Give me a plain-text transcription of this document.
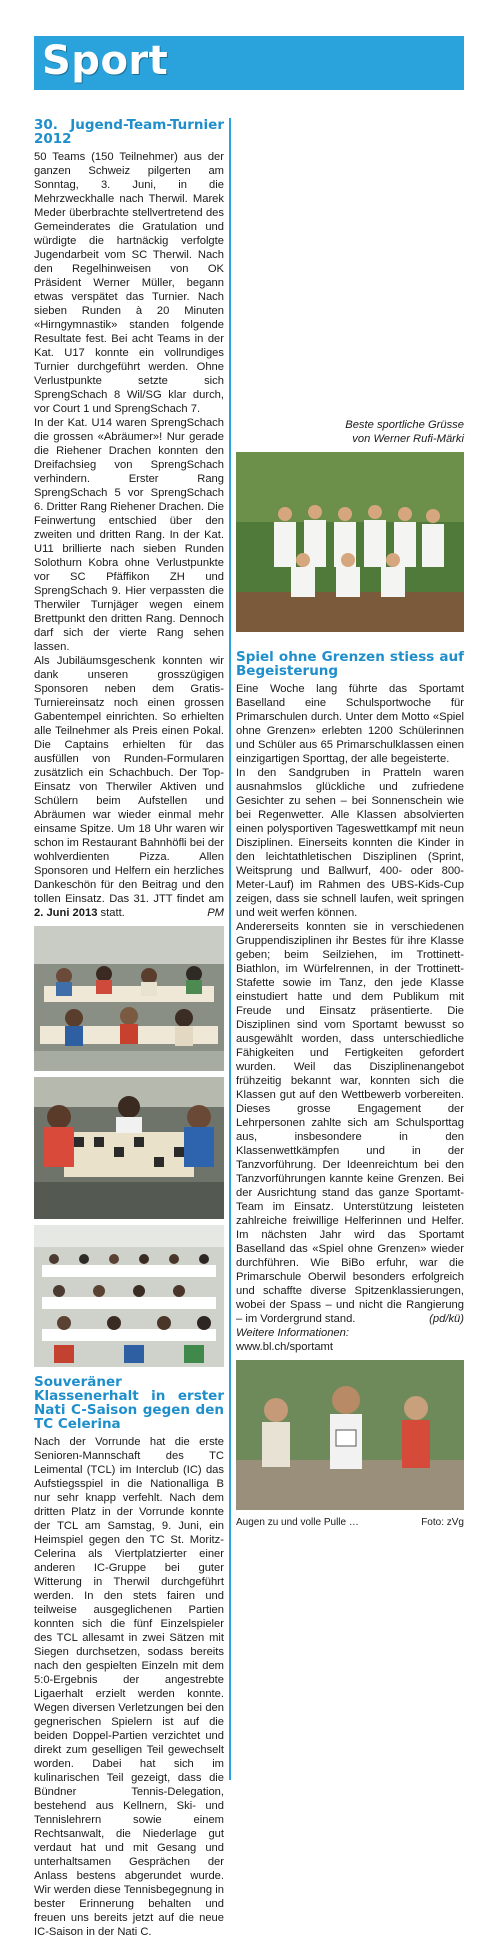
Sport
30. Jugend-Team-Turnier 2012

50 Teams (150 Teilnehmer) aus der ganzen Schweiz pilgerten am Sonntag, 3. Juni, in die Mehrzweckhalle nach Therwil. Marek Meder überbrachte stellvertretend des Gemeinderates die Gratulation und würdigte die hartnäckig verfolgte Jugendarbeit vom SC Therwil. Nach den Regelhinweisen von OK Präsident Werner Müller, begann etwas verspätet das Turnier. Nach sieben Runden à 20 Minuten «Hirngymnastik» standen folgende Resultate fest. Bei acht Teams in der Kat. U17 konnte ein vollrundiges Turnier durchgeführt werden. Ohne Verlustpunkte setzte sich SprengSchach 8 Wil/SG klar durch, vor Court 1 und SprengSchach 7.

In der Kat. U14 waren SprengSchach die grossen «Abräumer»! Nur gerade die Riehener Drachen konnten den Dreifachsieg von SprengSchach verhindern. Erster Rang SprengSchach 5 vor SprengSchach 6. Dritter Rang Riehener Drachen. Die Feinwertung entschied über den zweiten und dritten Rang. In der Kat. U11 brillierte nach sieben Runden Solothurn Kobra ohne Verlustpunkte vor SC Pfäffikon ZH und SprengSchach 9. Hier verpassten die Therwiler Turnjäger wegen einem Brettpunkt den dritten Rang. Dennoch darf sich der vierte Rang sehen lassen.

Als Jubiläumsgeschenk konnten wir dank unseren grosszügigen Sponsoren neben dem Gratis-Turniereinsatz noch einen grossen Gabentempel einrichten. So erhielten alle Teilnehmer als Preis einen Pokal. Die Captains erhielten für das ausfüllen von Runden-Formularen zusätzlich ein Schachbuch. Der Top-Einsatz von Therwiler Aktiven und Schülern beim Aufstellen und Abräumen war wieder einmal mehr einsame Spitze. Um 18 Uhr waren wir schon im Restaurant Bahnhöfli bei der wohlverdienten Pizza. Allen Sponsoren und Helfern ein herzliches Dankeschön für den Beitrag und den tollen Einsatz. Das 31. JTT findet am 2. Juni 2013 statt.	PM

Souveräner Klassenerhalt in erster Nati C-Saison gegen den TC Celerina

Nach der Vorrunde hat die erste Senioren-Mannschaft des TC Leimental (TCL) im Interclub (IC) das Aufstiegsspiel in die Nationalliga B nur sehr knapp verfehlt. Nach dem dritten Platz in der Vorrunde konnte der TCL am Samstag, 9. Juni, ein Heimspiel gegen den TC St. Moritz-Celerina als Viertplatzierter einer anderen IC-Gruppe bei guter Witterung in Therwil durchgeführt werden. In den stets fairen und teilweise ausgeglichenen Partien konnten sich die fünf Einzelspieler des TCL allesamt in zwei Sätzen mit Siegen durchsetzen, sodass bereits nach den gespielten Einzeln mit dem 5:0-Ergebnis der angestrebte Ligaerhalt erzielt werden konnte. Wegen diversen Verletzungen bei den gegnerischen Spielern ist auf die beiden Doppel-Partien verzichtet und direkt zum geselligen Teil gewechselt worden. Dabei hat sich im kulinarischen Teil gezeigt, dass die Bündner Tennis-Delegation, bestehend aus Kellnern, Ski- und Tennislehrern sowie einem Rechtsanwalt, die Niederlage gut verdaut hat und mit Gesang und unterhaltsamen Gesprächen der Anlass bestens abgerundet wurde. Wir werden diese Tennisbegegnung in bester Erinnerung behalten und freuen uns bereits jetzt auf die neue IC-Saison in der Nati C.

Beste sportliche Grüsse

von Werner Rufi-Märki

Spiel ohne Grenzen stiess auf Begeisterung

Eine Woche lang führte das Sportamt Baselland eine Schulsportwoche für Primarschulen durch. Unter dem Motto «Spiel ohne Grenzen» erlebten 1200 Schülerinnen und Schüler aus 65 Primarschulklassen einen einzigartigen Sporttag, der alle begeisterte.

In den Sandgruben in Pratteln waren ausnahmslos glückliche und zufriedene Gesichter zu sehen – bei Sonnenschein wie bei Regenwetter. Alle Klassen absolvierten einen polysportiven Tageswettkampf mit neun Disziplinen. Einerseits konnten die Kinder in den leichtathletischen Disziplinen (Sprint, Weitsprung und Ballwurf, 400- oder 800-Meter-Lauf) im Rahmen des UBS-Kids-Cup zeigen, dass sie schnell laufen, weit springen und weit werfen können.

Andererseits konnten sie in verschiedenen Gruppendisziplinen ihr Bestes für ihre Klasse geben; beim Seilziehen, im Trottinett-Biathlon, im Würfelrennen, in der Trottinett-Stafette sowie im Tanz, den jede Klasse einstudiert hatte und dem Publikum mit Freude und Einsatz präsentierte. Die Disziplinen sind vom Sportamt bewusst so ausgewählt worden, dass unterschiedliche Fähigkeiten und Fertigkeiten gefordert wurden. Weil das Disziplinenangebot frühzeitig bekannt war, konnten sich die Klassen gut auf den Wettbewerb vorbereiten. Dieses grosse Engagement der Lehrpersonen zahlte sich am Schulsporttag aus, insbesondere in den Klassenwettkämpfen und in der Tanzvorführung. Der Ideenreichtum bei den Tanzvorführungen kannte keine Grenzen. Bei der Ausrichtung stand das ganze Sportamt-Team im Einsatz. Unterstützung leisteten zahlreiche freiwillige Helferinnen und Helfer. Im nächsten Jahr wird das Sportamt Baselland das «Spiel ohne Grenzen» wieder durchführen. Wie BiBo erfuhr, war die Primarschule Oberwil besonders erfolgreich und schaffte diverse Spitzenklassierungen, wobei der Spass – und nicht die Rangierung – im Vordergrund stand.	(pd/kü)

Weitere Informationen:

www.bl.ch/sportamt

Augen zu und volle Pulle …	Foto: zVg
